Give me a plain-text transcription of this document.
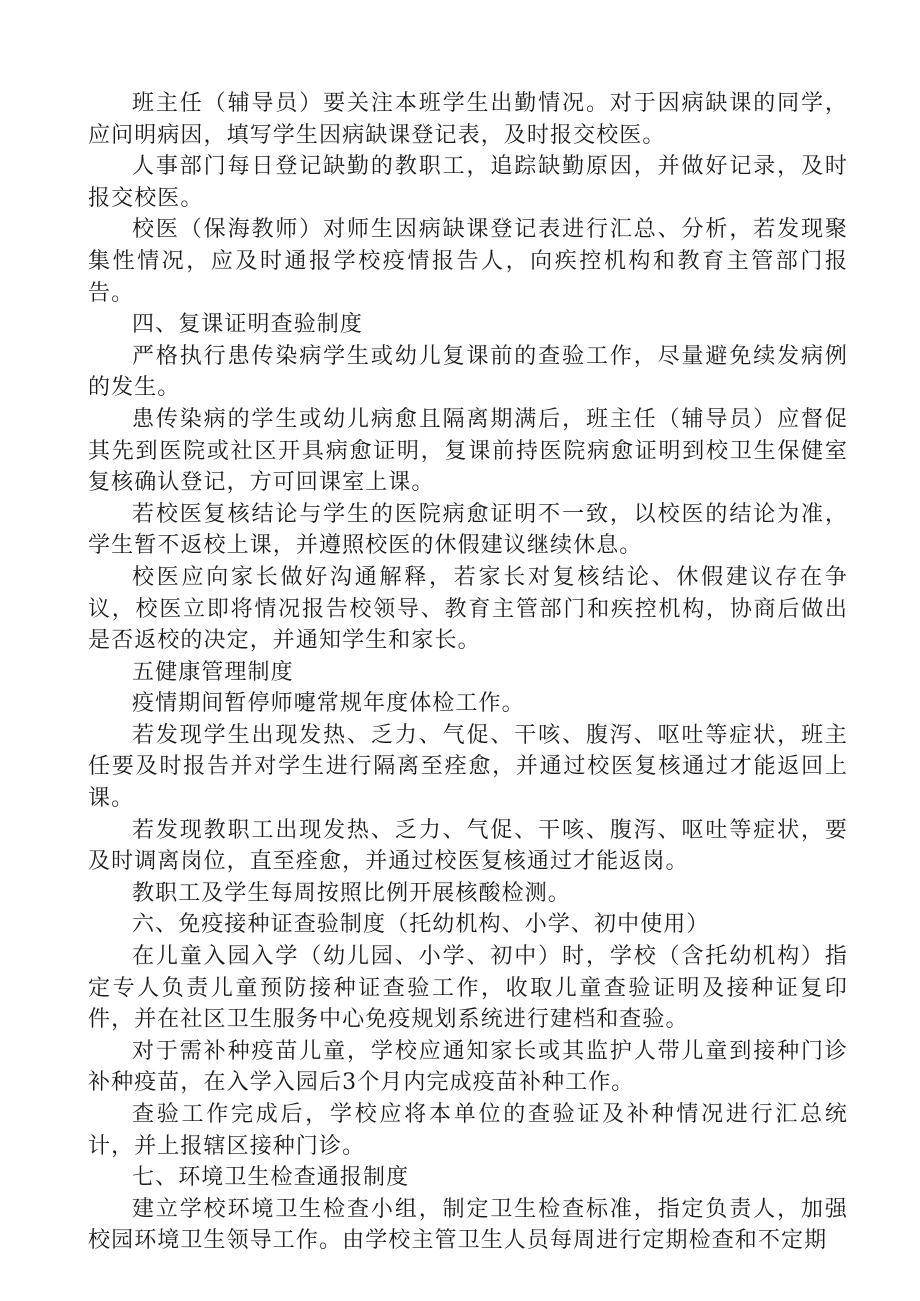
班主任（辅导员）要关注本班学生出勤情况。对于因病缺课的同学，应问明病因，填写学生因病缺课登记表，及时报交校医。

人事部门每日登记缺勤的教职工，追踪缺勤原因，并做好记录，及时报交校医。

校医（保海教师）对师生因病缺课登记表进行汇总、分析，若发现聚集性情况，应及时通报学校疫情报告人，向疾控机构和教育主管部门报告。

四、复课证明查验制度

严格执行患传染病学生或幼儿复课前的查验工作，尽量避免续发病例的发生。

患传染病的学生或幼儿病愈且隔离期满后，班主任（辅导员）应督促其先到医院或社区开具病愈证明，复课前持医院病愈证明到校卫生保健室复核确认登记，方可回课室上课。

若校医复核结论与学生的医院病愈证明不一致，以校医的结论为准，学生暂不返校上课，并遵照校医的休假建议继续休息。

校医应向家长做好沟通解释，若家长对复核结论、休假建议存在争议，校医立即将情况报告校领导、教育主管部门和疾控机构，协商后做出是否返校的决定，并通知学生和家长。

五健康管理制度

疫情期间暂停师嚏常规年度体检工作。

若发现学生出现发热、乏力、气促、干咳、腹泻、呕吐等症状，班主任要及时报告并对学生进行隔离至痊愈，并通过校医复核通过才能返回上课。

若发现教职工出现发热、乏力、气促、干咳、腹泻、呕吐等症状，要及时调离岗位，直至痊愈，并通过校医复核通过才能返岗。

教职工及学生每周按照比例开展核酸检测。

六、免疫接种证查验制度（托幼机构、小学、初中使用）

在儿童入园入学（幼儿园、小学、初中）时，学校（含托幼机构）指定专人负责儿童预防接种证查验工作，收取儿童查验证明及接种证复印件，并在社区卫生服务中心免疫规划系统进行建档和查验。

对于需补种疫苗儿童，学校应通知家长或其监护人带儿童到接种门诊补种疫苗，在入学入园后3个月内完成疫苗补种工作。

查验工作完成后，学校应将本单位的查验证及补种情况进行汇总统计，并上报辖区接种门诊。

七、环境卫生检查通报制度

建立学校环境卫生检查小组，制定卫生检查标准，指定负责人，加强校园环境卫生领导工作。由学校主管卫生人员每周进行定期检查和不定期
